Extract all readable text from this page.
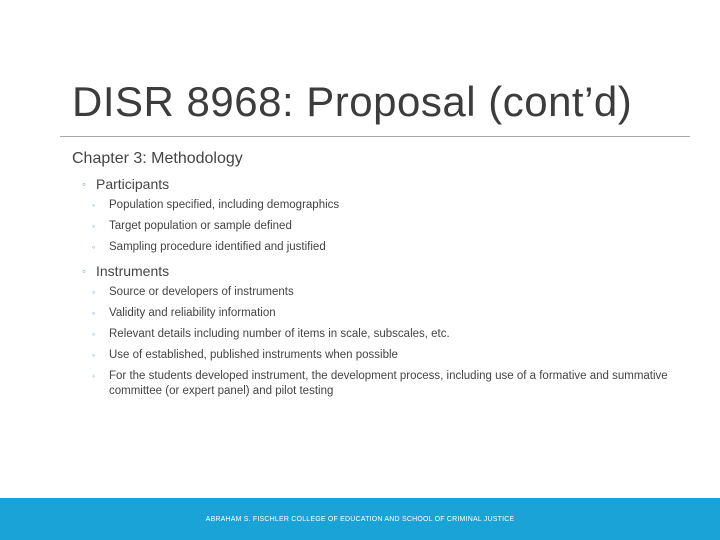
DISR 8968: Proposal (cont’d)
Chapter 3: Methodology
◦ Participants
◦ Population specified, including demographics
◦ Target population or sample defined
◦ Sampling procedure identified and justified
◦ Instruments
◦ Source or developers of instruments
◦ Validity and reliability information
◦ Relevant details including number of items in scale, subscales, etc.
◦ Use of established, published instruments when possible
◦ For the students developed instrument, the development process, including use of a formative and summative committee (or expert panel) and pilot testing
ABRAHAM S. FISCHLER COLLEGE OF EDUCATION AND SCHOOL OF CRIMINAL JUSTICE
